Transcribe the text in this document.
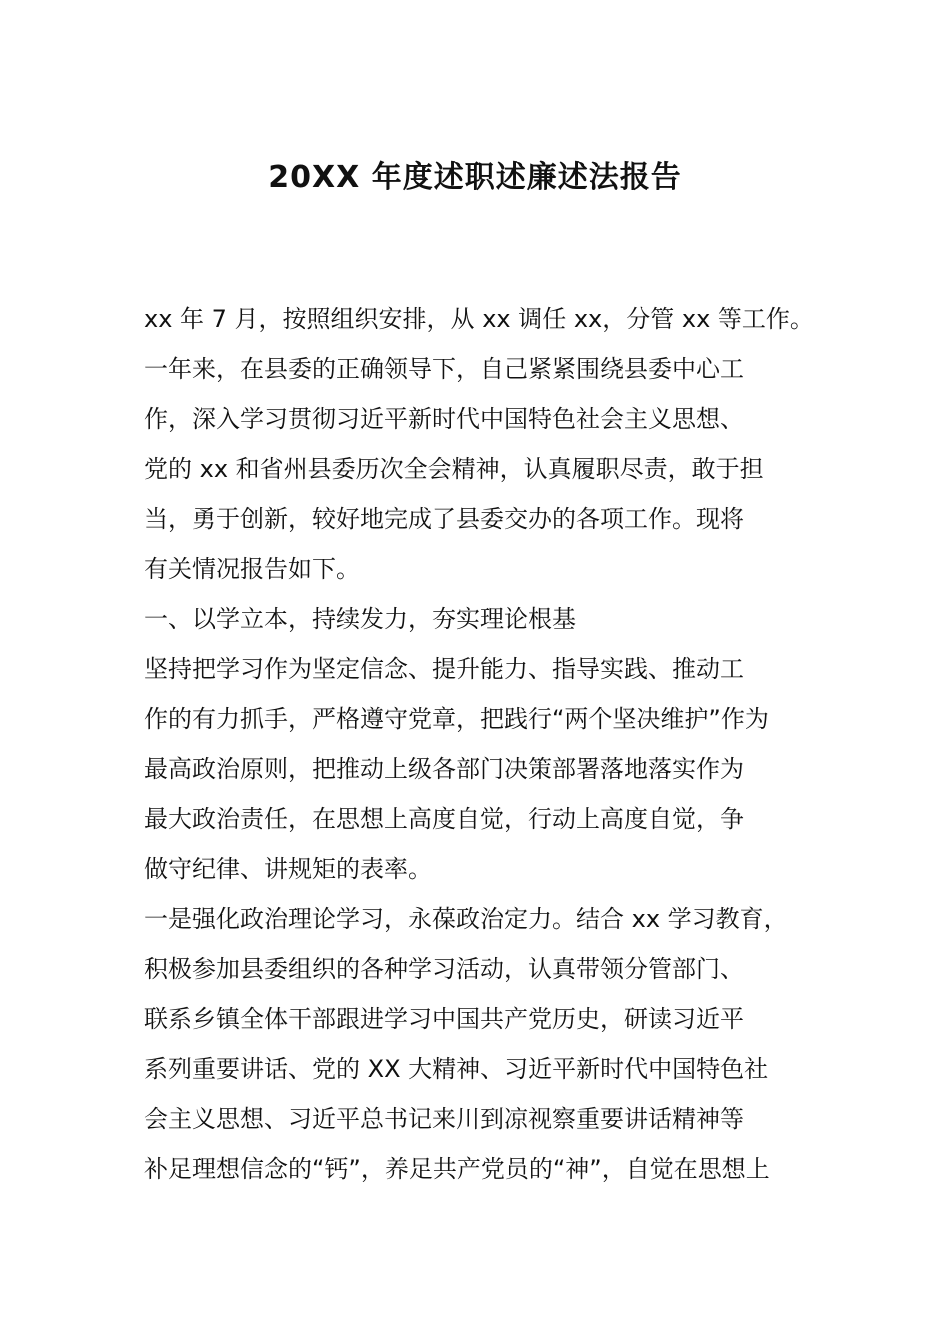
20XX 年度述职述廉述法报告
xx 年 7 月，按照组织安排，从 xx 调任 xx，分管 xx 等工作。
一年来，在县委的正确领导下，自己紧紧围绕县委中心工
作，深入学习贯彻习近平新时代中国特色社会主义思想、
党的 xx 和省州县委历次全会精神，认真履职尽责，敢于担
当，勇于创新，较好地完成了县委交办的各项工作。现将
有关情况报告如下。
一、以学立本，持续发力，夯实理论根基
坚持把学习作为坚定信念、提升能力、指导实践、推动工
作的有力抓手，严格遵守党章，把践行“两个坚决维护”作为
最高政治原则，把推动上级各部门决策部署落地落实作为
最大政治责任，在思想上高度自觉，行动上高度自觉，争
做守纪律、讲规矩的表率。
一是强化政治理论学习，永葆政治定力。结合 xx 学习教育，
积极参加县委组织的各种学习活动，认真带领分管部门、
联系乡镇全体干部跟进学习中国共产党历史，研读习近平
系列重要讲话、党的 XX 大精神、习近平新时代中国特色社
会主义思想、习近平总书记来川到凉视察重要讲话精神等
补足理想信念的“钙”，养足共产党员的“神”，自觉在思想上
